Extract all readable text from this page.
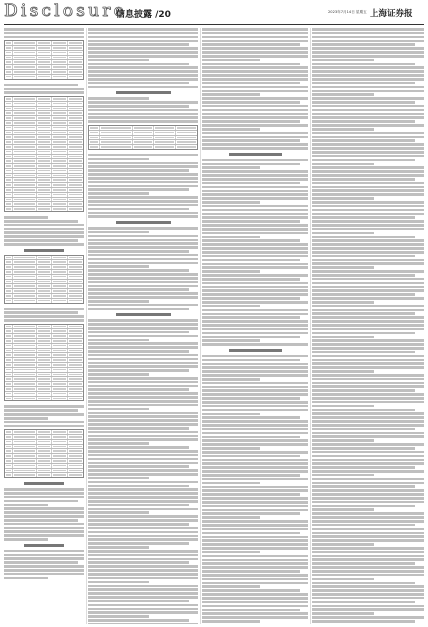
Disclosure
信息披露 /20	2023年7月14日 星期五 上海证券报
